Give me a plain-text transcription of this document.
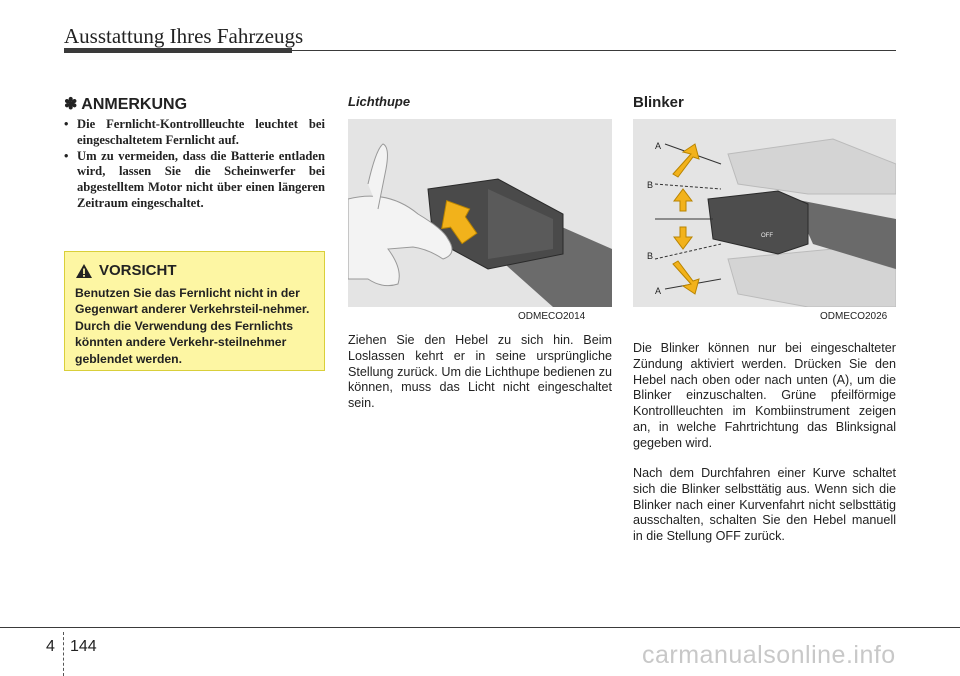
Ausstattung Ihres Fahrzeugs
✽ ANMERKUNG
• Die Fernlicht-Kontrollleuchte leuchtet bei eingeschaltetem Fernlicht auf.
• Um zu vermeiden, dass die Batterie entladen wird, lassen Sie die Scheinwerfer bei abgestelltem Motor nicht über einen längeren Zeitraum eingeschaltet.
VORSICHT
Benutzen Sie das Fernlicht nicht in der Gegenwart anderer Verkehrsteil-nehmer. Durch die Verwendung des Fernlichts könnten andere Verkehr-steilnehmer geblendet werden.
Lichthupe
ODMECO2014
Ziehen Sie den Hebel zu sich hin. Beim Loslassen kehrt er in seine ursprüngliche Stellung zurück. Um die Lichthupe bedienen zu können, muss das Licht nicht eingeschaltet sein.
Blinker
A
B
B
A
OFF
ODMECO2026
Die Blinker können nur bei eingeschalteter Zündung aktiviert werden. Drücken Sie den Hebel nach oben oder nach unten (A), um die Blinker einzuschalten. Grüne pfeilförmige Kontrollleuchten im Kombiinstrument zeigen an, in welche Fahrtrichtung das Blinksignal gegeben wird.
Nach dem Durchfahren einer Kurve schaltet sich die Blinker selbsttätig aus. Wenn sich die Blinker nach einer Kurvenfahrt nicht selbsttätig ausschalten, schalten Sie den Hebel manuell in die Stellung OFF zurück.
4 144	carmanualsonline.info
